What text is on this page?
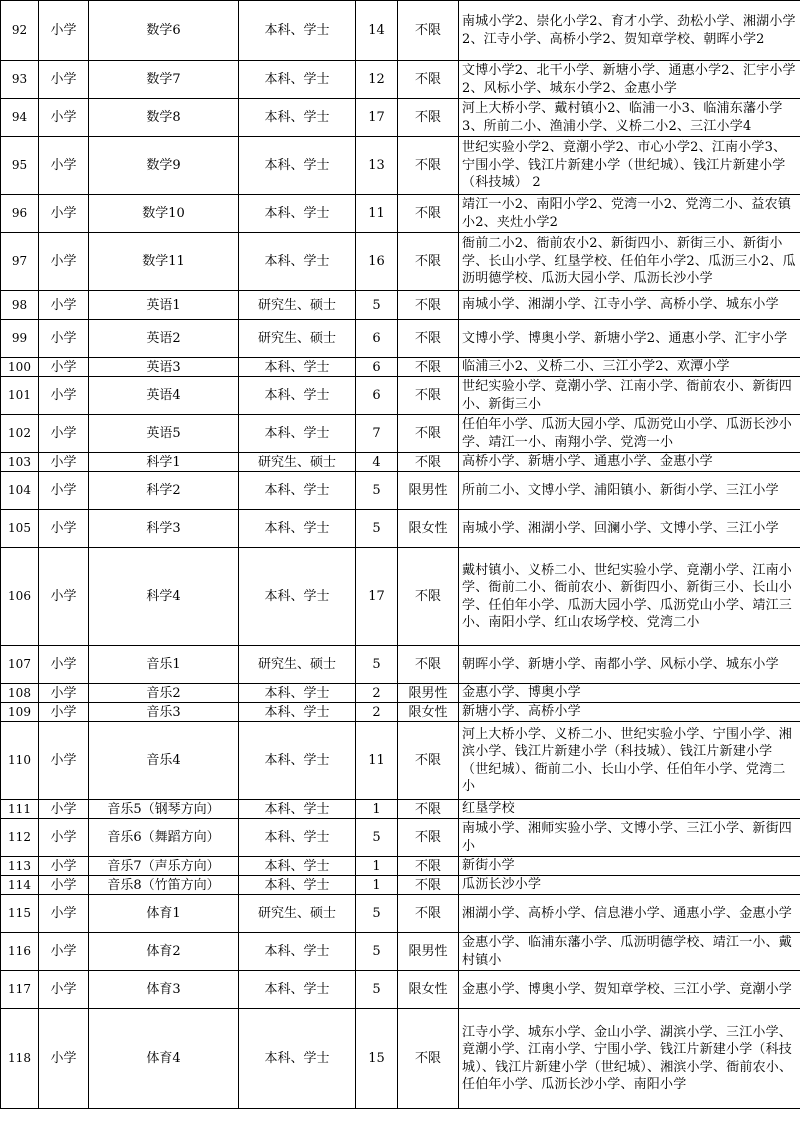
92	小学	数学6	本科、学士	14	不限	南城小学2、崇化小学2、育才小学、劲松小学、湘湖小学2、江寺小学、高桥小学2、贺知章学校、朝晖小学2
93	小学	数学7	本科、学士	12	不限	文博小学2、北干小学、新塘小学、通惠小学2、汇宇小学2、风标小学、城东小学2、金惠小学
94	小学	数学8	本科、学士	17	不限	河上大桥小学、戴村镇小2、临浦一小3、临浦东藩小学3、所前二小、渔浦小学、义桥二小2、三江小学4
95	小学	数学9	本科、学士	13	不限	世纪实验小学2、竟潮小学2、市心小学2、江南小学3、宁围小学、钱江片新建小学（世纪城）、钱江片新建小学（科技城） 2
96	小学	数学10	本科、学士	11	不限	靖江一小2、南阳小学2、党湾一小2、党湾二小、益农镇小2、夹灶小学2
97	小学	数学11	本科、学士	16	不限	衙前二小2、衙前农小2、新街四小、新街三小、新街小学、长山小学、红垦学校、任伯年小学2、瓜沥三小2、瓜沥明德学校、瓜沥大园小学、瓜沥长沙小学
98	小学	英语1	研究生、硕士	5	不限	南城小学、湘湖小学、江寺小学、高桥小学、城东小学
99	小学	英语2	研究生、硕士	6	不限	文博小学、博奥小学、新塘小学2、通惠小学、汇宇小学
100	小学	英语3	本科、学士	6	不限	临浦三小2、义桥二小、三江小学2、欢潭小学
101	小学	英语4	本科、学士	6	不限	世纪实验小学、竟潮小学、江南小学、衙前农小、新街四小、新街三小
102	小学	英语5	本科、学士	7	不限	任伯年小学、瓜沥大园小学、瓜沥党山小学、瓜沥长沙小学、靖江一小、南翔小学、党湾一小
103	小学	科学1	研究生、硕士	4	不限	高桥小学、新塘小学、通惠小学、金惠小学
104	小学	科学2	本科、学士	5	限男性	所前二小、文博小学、浦阳镇小、新街小学、三江小学
105	小学	科学3	本科、学士	5	限女性	南城小学、湘湖小学、回澜小学、文博小学、三江小学
106	小学	科学4	本科、学士	17	不限	戴村镇小、义桥二小、世纪实验小学、竟潮小学、江南小学、衙前二小、衙前农小、新街四小、新街三小、长山小学、任伯年小学、瓜沥大园小学、瓜沥党山小学、靖江三小、南阳小学、红山农场学校、党湾二小
107	小学	音乐1	研究生、硕士	5	不限	朝晖小学、新塘小学、南都小学、风标小学、城东小学
108	小学	音乐2	本科、学士	2	限男性	金惠小学、博奥小学
109	小学	音乐3	本科、学士	2	限女性	新塘小学、高桥小学
110	小学	音乐4	本科、学士	11	不限	河上大桥小学、义桥二小、世纪实验小学、宁围小学、湘滨小学、钱江片新建小学（科技城）、钱江片新建小学（世纪城）、衙前二小、长山小学、任伯年小学、党湾二小
111	小学	音乐5（钢琴方向）	本科、学士	1	不限	红垦学校
112	小学	音乐6（舞蹈方向）	本科、学士	5	不限	南城小学、湘师实验小学、文博小学、三江小学、新街四小
113	小学	音乐7（声乐方向）	本科、学士	1	不限	新街小学
114	小学	音乐8（竹笛方向）	本科、学士	1	不限	瓜沥长沙小学
115	小学	体育1	研究生、硕士	5	不限	湘湖小学、高桥小学、信息港小学、通惠小学、金惠小学
116	小学	体育2	本科、学士	5	限男性	金惠小学、临浦东藩小学、瓜沥明德学校、靖江一小、戴村镇小
117	小学	体育3	本科、学士	5	限女性	金惠小学、博奥小学、贺知章学校、三江小学、竟潮小学
118	小学	体育4	本科、学士	15	不限	江寺小学、城东小学、金山小学、湖滨小学、三江小学、竟潮小学、江南小学、宁围小学、钱江片新建小学（科技城）、钱江片新建小学（世纪城）、湘滨小学、衙前农小、任伯年小学、瓜沥长沙小学、南阳小学
